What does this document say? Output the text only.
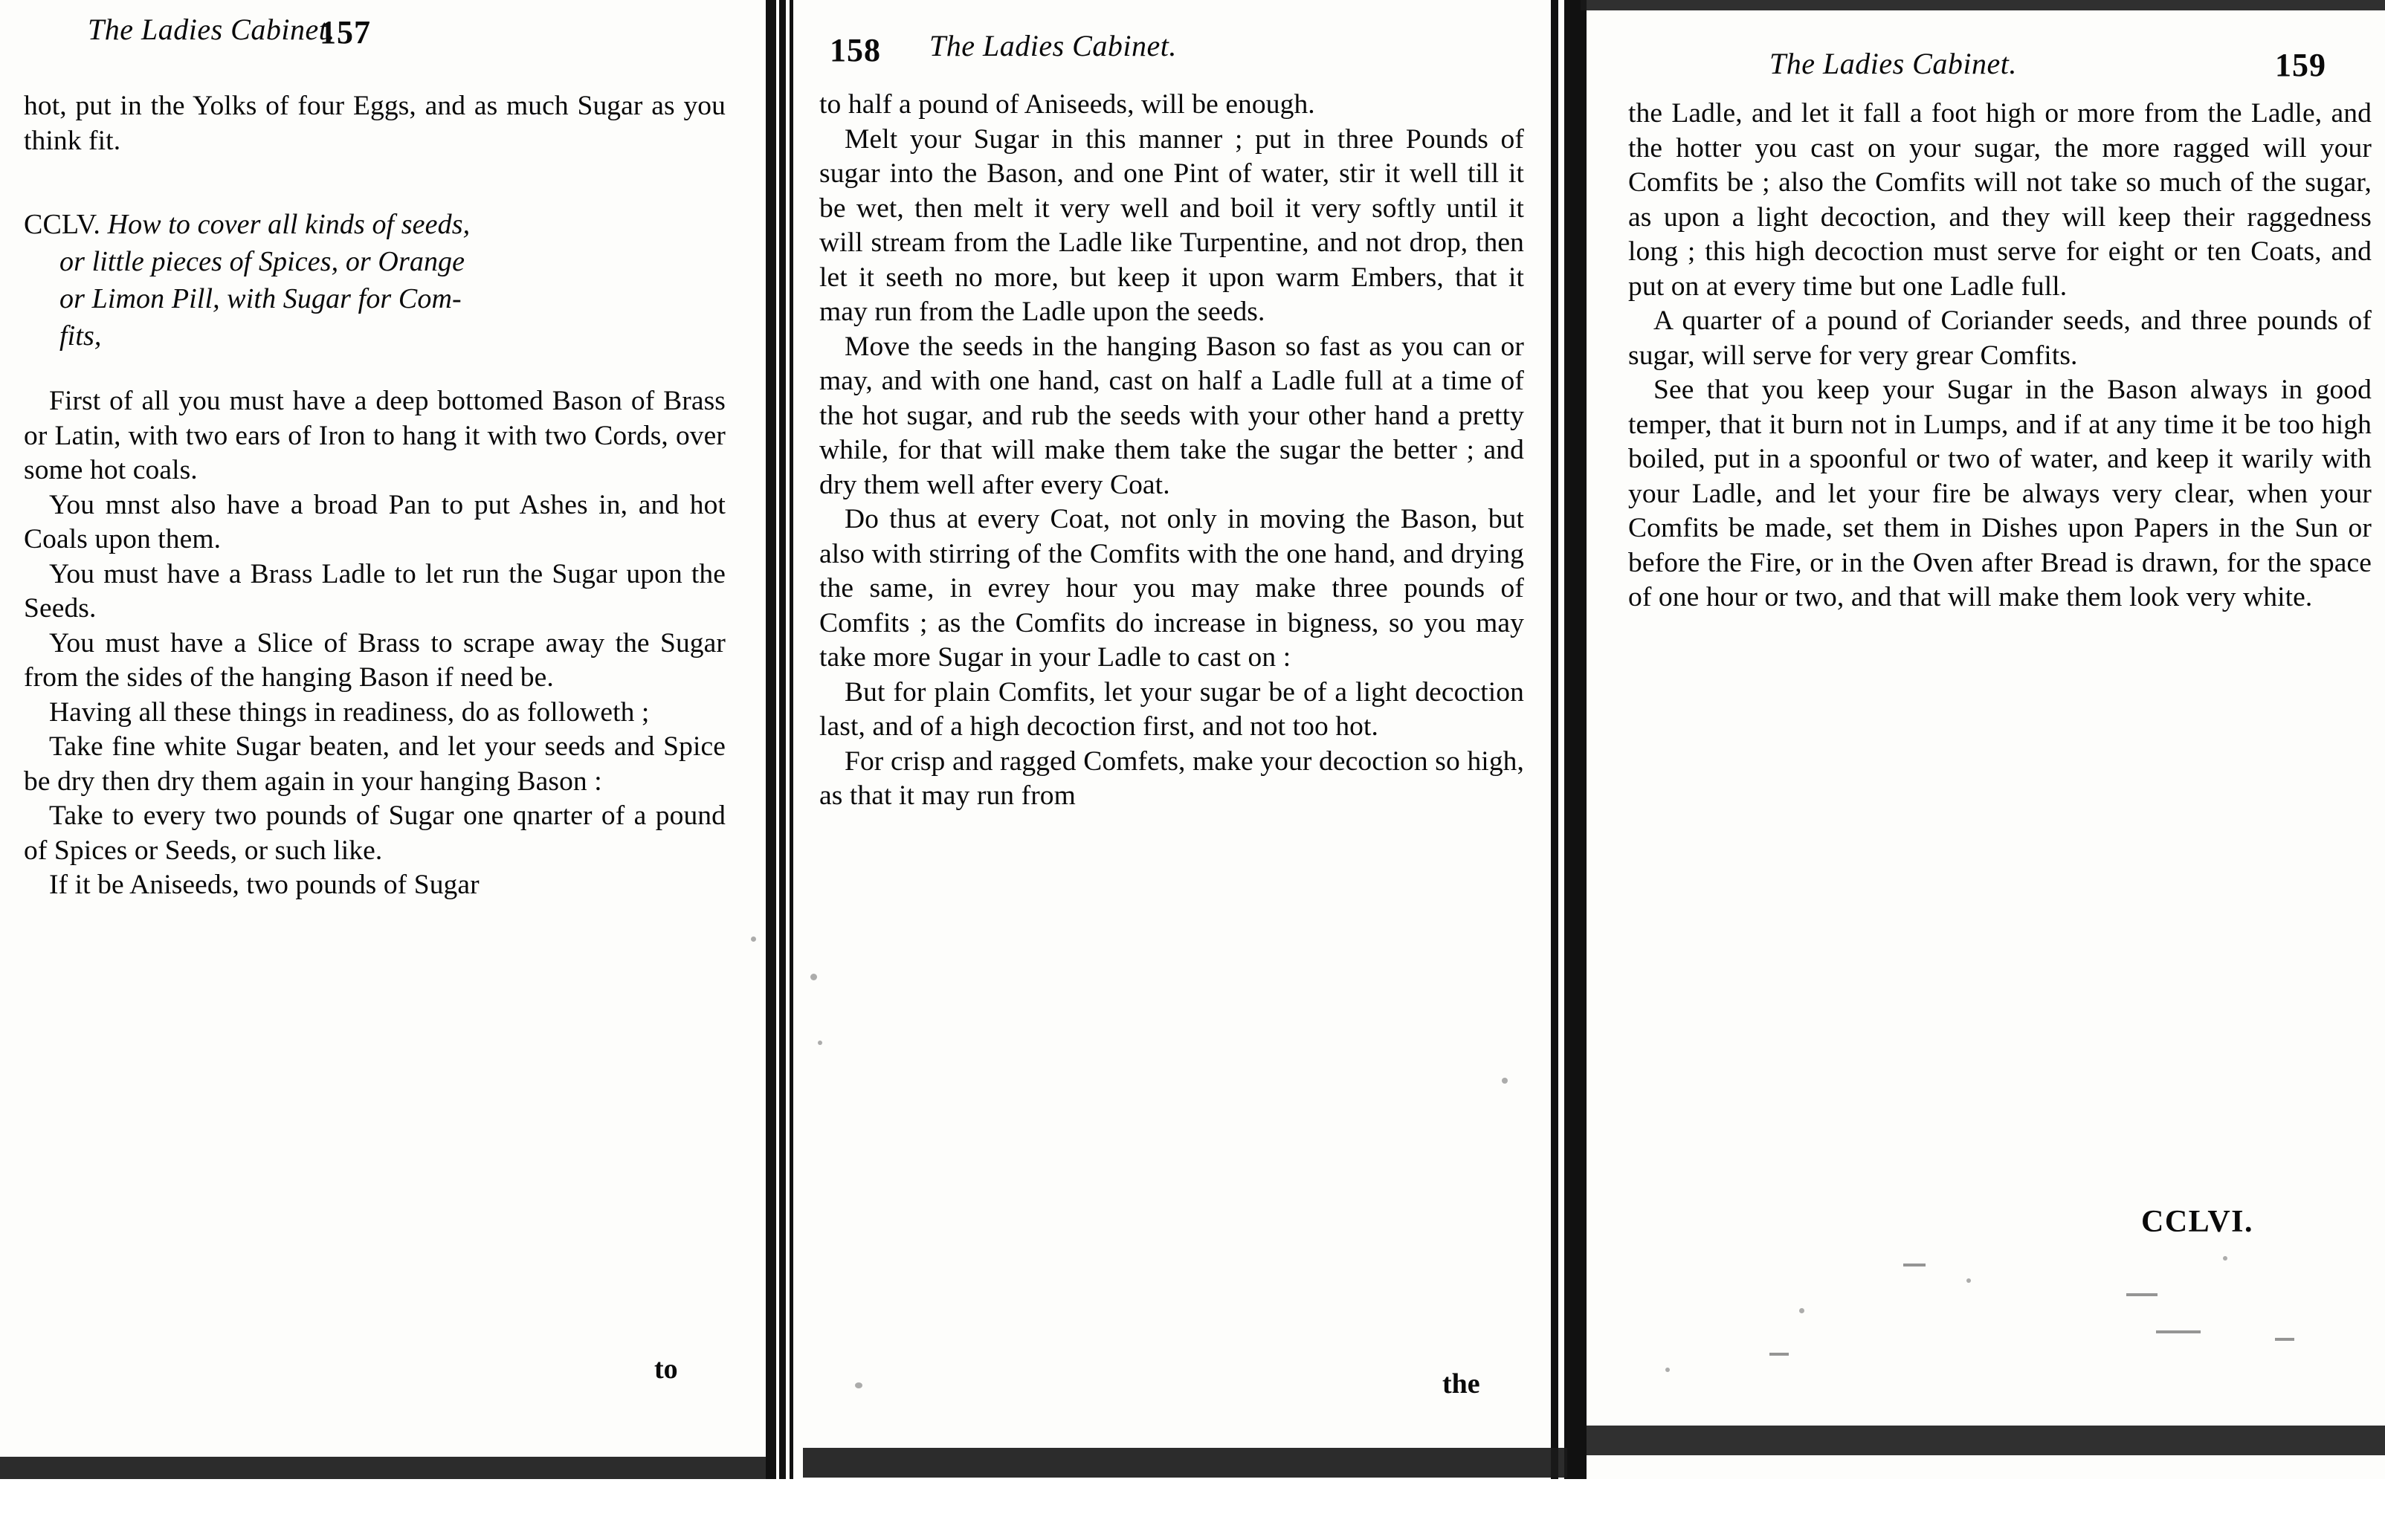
The Ladies Cabinet.
157

hot, put in the Yolks of four Eggs, and as much Sugar as you think fit.

CCLV. How to cover all kinds of seeds,
or little pieces of Spices, or Orange
or Limon Pill, with Sugar for Com-
fits,

First of all you must have a deep bottomed Bason of Brass or Latin, with two ears of Iron to hang it with two Cords, over some hot coals.

You mnst also have a broad Pan to put Ashes in, and hot Coals upon them.

You must have a Brass Ladle to let run the Sugar upon the Seeds.

You must have a Slice of Brass to scrape away the Sugar from the sides of the hanging Bason if need be.

Having all these things in readiness, do as followeth ;

Take fine white Sugar beaten, and let your seeds and Spice be dry then dry them again in your hanging Bason :

Take to every two pounds of Sugar one qnarter of a pound of Spices or Seeds, or such like.

If it be Aniseeds, two pounds of Sugar

to
158 The Ladies Cabinet.

to half a pound of Aniseeds, will be enough.

Melt your Sugar in this manner ; put in three Pounds of sugar into the Bason, and one Pint of water, stir it well till it be wet, then melt it very well and boil it very softly until it will stream from the Ladle like Turpentine, and not drop, then let it seeth no more, but keep it upon warm Embers, that it may run from the Ladle upon the seeds.

Move the seeds in the hanging Bason so fast as you can or may, and with one hand, cast on half a Ladle full at a time of the hot sugar, and rub the seeds with your other hand a pretty while, for that will make them take the sugar the better ; and dry them well after every Coat.

Do thus at every Coat, not only in moving the Bason, but also with stirring of the Comfits with the one hand, and drying the same, in evrey hour you may make three pounds of Comfits ; as the Comfits do increase in bigness, so you may take more Sugar in your Ladle to cast on :

But for plain Comfits, let your sugar be of a light decoction last, and of a high decoction first, and not too hot.

For crisp and ragged Comfets, make your decoction so high, as that it may run from

the
The Ladies Cabinet.	159

the Ladle, and let it fall a foot high or more from the Ladle, and the hotter you cast on your sugar, the more ragged will your Comfits be ; also the Comfits will not take so much of the sugar, as upon a light decoction, and they will keep their raggedness long ; this high decoction must serve for eight or ten Coats, and put on at every time but one Ladle full.

A quarter of a pound of Coriander seeds, and three pounds of sugar, will serve for very grear Comfits.

See that you keep your Sugar in the Bason always in good temper, that it burn not in Lumps, and if at any time it be too high boiled, put in a spoonful or two of water, and keep it warily with your Ladle, and let your fire be always very clear, when your Comfits be made, set them in Dishes upon Papers in the Sun or before the Fire, or in the Oven after Bread is drawn, for the space of one hour or two, and that will make them look very white.

CCLVI.
